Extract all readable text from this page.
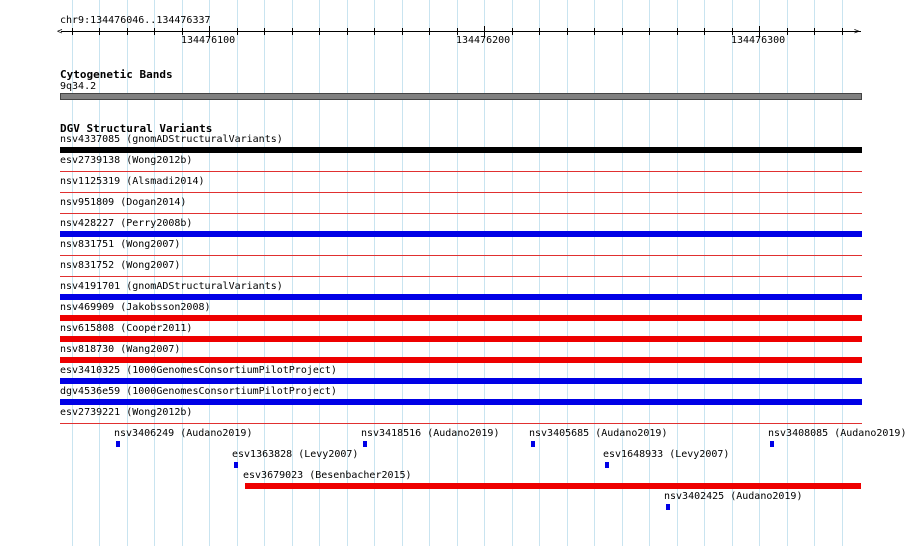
chr9:134476046..134476337
<	>
134476100	134476200	134476300
Cytogenetic Bands
9q34.2
DGV Structural Variants
nsv4337085 (gnomADStructuralVariants)
esv2739138 (Wong2012b)
nsv1125319 (Alsmadi2014)
nsv951809 (Dogan2014)
nsv428227 (Perry2008b)
nsv831751 (Wong2007)
nsv831752 (Wong2007)
nsv4191701 (gnomADStructuralVariants)
nsv469909 (Jakobsson2008)
nsv615808 (Cooper2011)
nsv818730 (Wang2007)
esv3410325 (1000GenomesConsortiumPilotProject)
dgv4536e59 (1000GenomesConsortiumPilotProject)
esv2739221 (Wong2012b)
nsv3406249 (Audano2019)	nsv3418516 (Audano2019)	nsv3405685 (Audano2019)	nsv3408085 (Audano2019)
esv1363828 (Levy2007)	esv1648933 (Levy2007)
esv3679023 (Besenbacher2015)
nsv3402425 (Audano2019)
